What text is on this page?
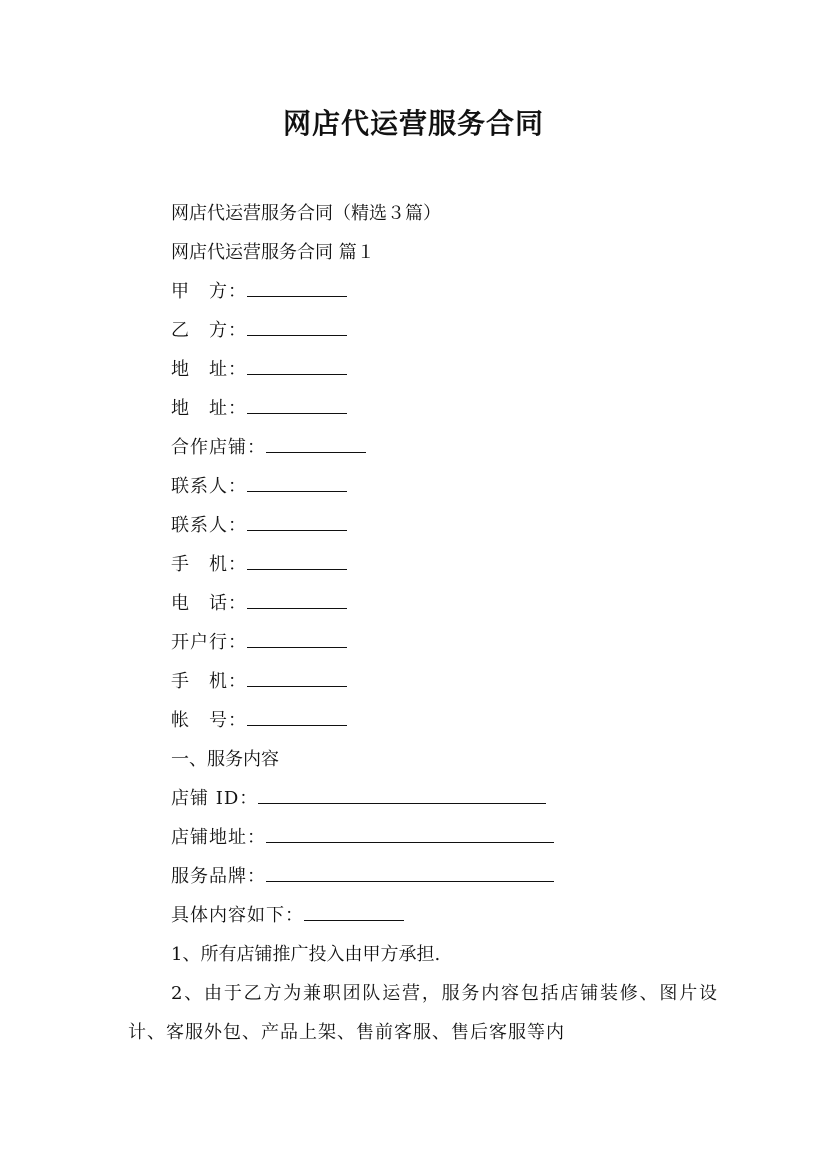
网店代运营服务合同
网店代运营服务合同（精选３篇）
网店代运营服务合同 篇１
甲　方：
乙　方：
地　址：
地　址：
合作店铺：
联系人：
联系人：
手　机：
电　话：
开户行：
手　机：
帐　号：
一、服务内容
店铺 ID：
店铺地址：
服务品牌：
具体内容如下：
1、所有店铺推广投入由甲方承担.
2、由于乙方为兼职团队运营，服务内容包括店铺装修、图片设计、客服外包、产品上架、售前客服、售后客服等内
